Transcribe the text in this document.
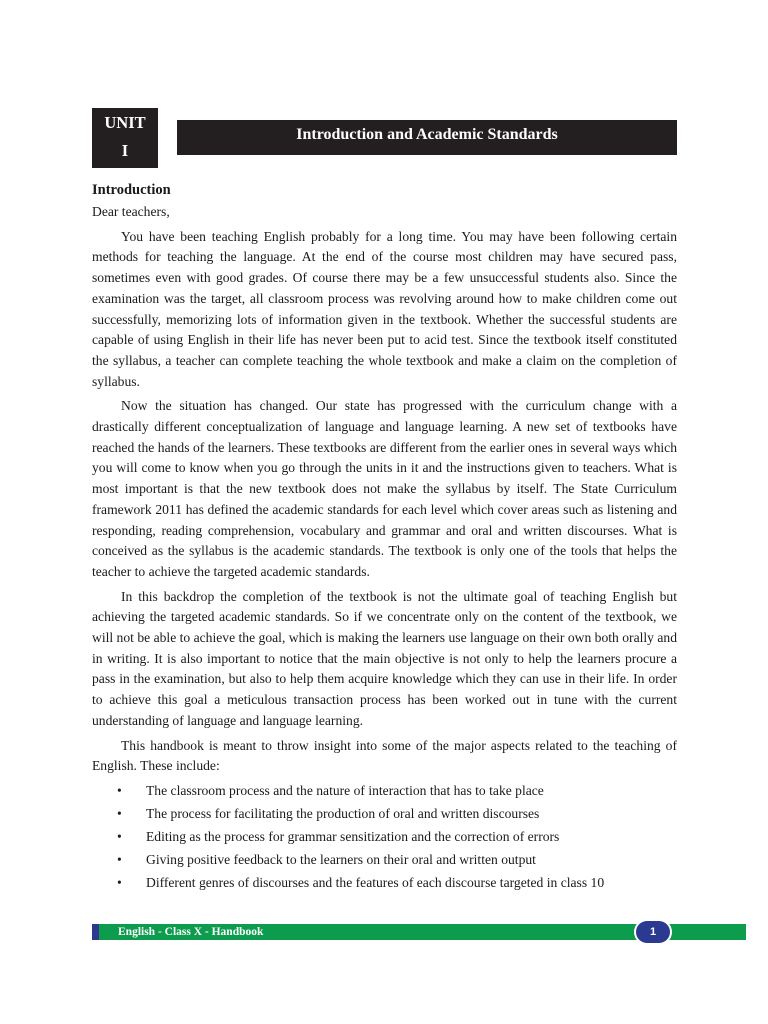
UNIT
I
Introduction and Academic Standards
Introduction

Dear teachers,

You have been teaching English probably for a long time. You may have been following certain methods for teaching the language. At the end of the course most children may have secured pass, sometimes even with good grades. Of course there may be a few unsuccessful students also. Since the examination was the target, all classroom process was revolving around how to make children come out successfully, memorizing lots of information given in the textbook. Whether the successful students are capable of using English in their life has never been put to acid test. Since the textbook itself constituted the syllabus, a teacher can complete teaching the whole textbook and make a claim on the completion of syllabus.

Now the situation has changed. Our state has progressed with the curriculum change with a drastically different conceptualization of language and language learning. A new set of textbooks have reached the hands of the learners. These textbooks are different from the earlier ones in several ways which you will come to know when you go through the units in it and the instructions given to teachers. What is most important is that the new textbook does not make the syllabus by itself. The State Curriculum framework 2011 has defined the academic standards for each level which cover areas such as listening and responding, reading comprehension, vocabulary and grammar and oral and written discourses. What is conceived as the syllabus is the academic standards. The textbook is only one of the tools that helps the teacher to achieve the targeted academic standards.

In this backdrop the completion of the textbook is not the ultimate goal of teaching English but achieving the targeted academic standards. So if we concentrate only on the content of the textbook, we will not be able to achieve the goal, which is making the learners use language on their own both orally and in writing. It is also important to notice that the main objective is not only to help the learners procure a pass in the examination, but also to help them acquire knowledge which they can use in their life. In order to achieve this goal a meticulous transaction process has been worked out in tune with the current understanding of language and language learning.

This handbook is meant to throw insight into some of the major aspects related to the teaching of English. These include:

• The classroom process and the nature of interaction that has to take place
• The process for facilitating the production of oral and written discourses
• Editing as the process for grammar sensitization and the correction of errors
• Giving positive feedback to the learners on their oral and written output
• Different genres of discourses and the features of each discourse targeted in class 10
English - Class X - Handbook	1
